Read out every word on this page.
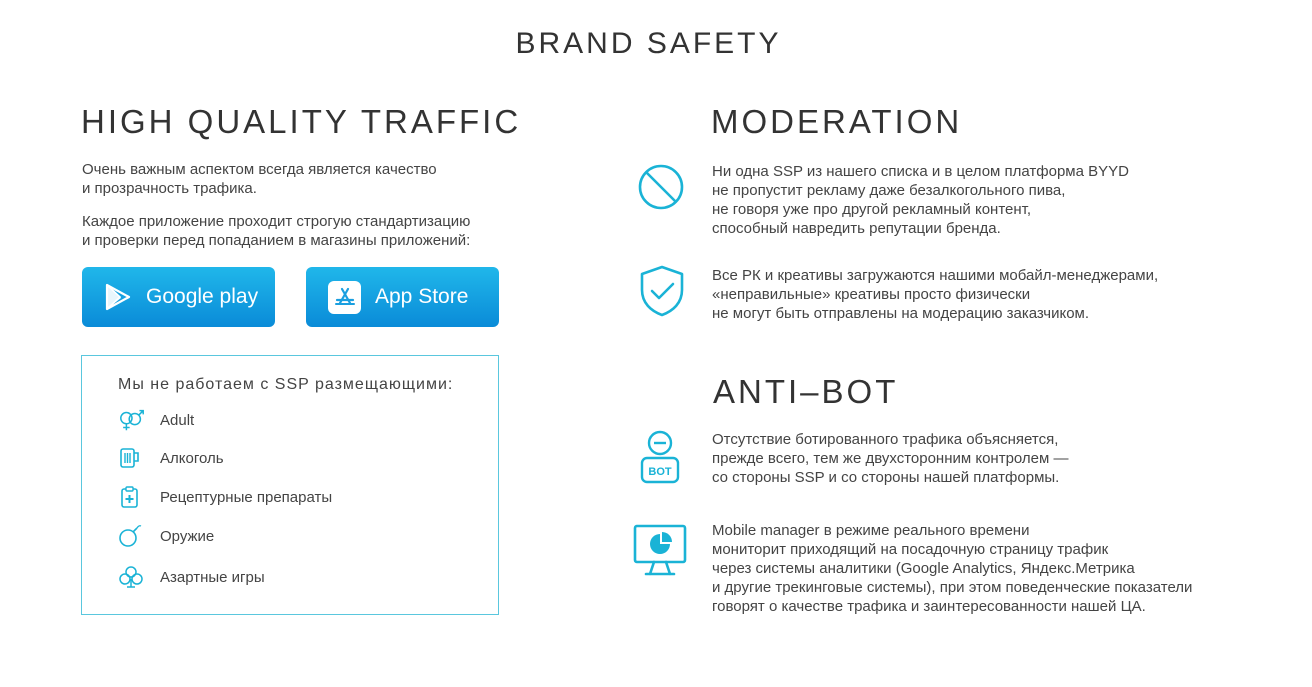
BRAND SAFETY
HIGH QUALITY TRAFFIC
Очень важным аспектом всегда является качество
и прозрачность трафика.
Каждое приложение проходит строгую стандартизацию
и проверки перед попаданием в магазины приложений:
Google play	App Store
Мы не работаем с SSP размещающими:
Adult
Алкоголь
Рецептурные препараты
Оружие
Азартные игры
MODERATION
Ни одна SSP из нашего списка и в целом платформа BYYD
не пропустит рекламу даже безалкогольного пива,
не говоря уже про другой рекламный контент,
способный навредить репутации бренда.
Все РК и креативы загружаются нашими мобайл-менеджерами,
«неправильные» креативы просто физически
не могут быть отправлены на модерацию заказчиком.
ANTI–BOT
BOT
Отсутствие ботированного трафика объясняется,
прежде всего, тем же двухсторонним контролем —
со стороны SSP и со стороны нашей платформы.
Mobile manager в режиме реального времени
мониторит приходящий на посадочную страницу трафик
через системы аналитики (Google Analytics, Яндекс.Метрика
и другие трекинговые системы), при этом поведенческие показатели
говорят о качестве трафика и заинтересованности нашей ЦА.
